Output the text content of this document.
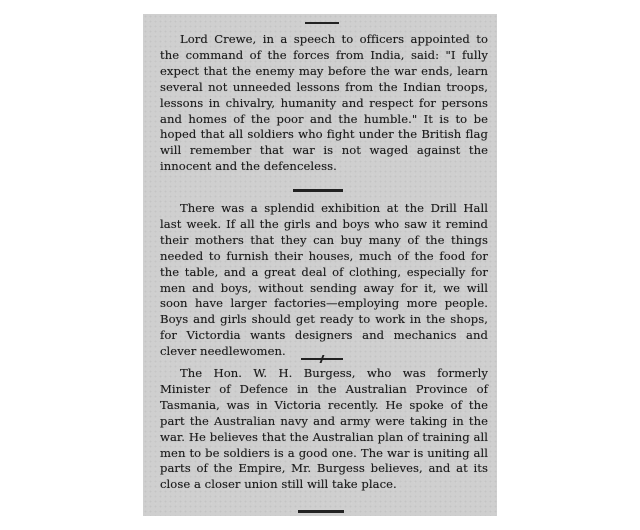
Lord Crewe, in a speech to officers appointed to the command of the forces from India, said: "I fully expect that the enemy may before the war ends, learn several not unneeded lessons from the Indian troops, lessons in chivalry, humanity and respect for persons and homes of the poor and the humble." It is to be hoped that all soldiers who fight under the British flag will remember that war is not waged against the innocent and the defenceless.

There was a splendid exhibition at the Drill Hall last week. If all the girls and boys who saw it remind their mothers that they can buy many of the things needed to furnish their houses, much of the food for the table, and a great deal of clothing, especially for men and boys, without sending away for it, we will soon have larger factories—employing more people. Boys and girls should get ready to work in the shops, for Victordia wants designers and mechanics and clever needlewomen.

The Hon. W. H. Burgess, who was formerly Minister of Defence in the Australian Province of Tasmania, was in Victoria recently. He spoke of the part the Australian navy and army were taking in the war. He believes that the Australian plan of training all men to be soldiers is a good one. The war is uniting all parts of the Empire, Mr. Burgess believes, and at its close a closer union still will take place.
